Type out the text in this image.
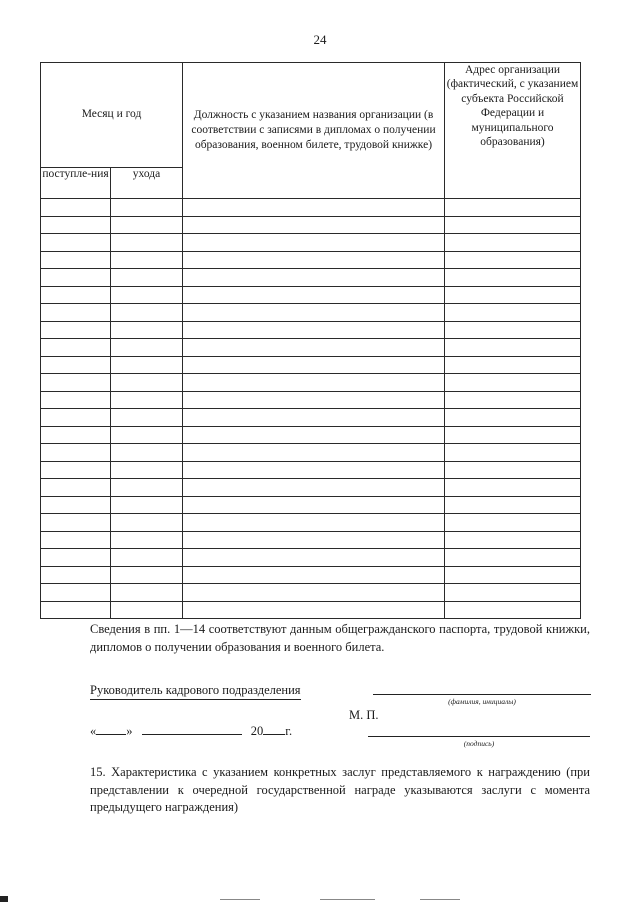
24
Месяц и год		Должность с указанием названия организации (в соответствии с записями в дипломах о получении образования, военном билете, трудовой книжке)	Адрес организации (фактический, с указанием субъекта Российской Федерации и муниципального образования)
поступле-ния	ухода		

Сведения в пп. 1—14 соответствуют данным общегражданского паспорта, трудовой книжки, дипломов о получении образования и военного билета.
Руководитель кадрового подразделения
(фамилия, инициалы)
М. П.
« »	20 г.
(подпись)
15. Характеристика с указанием конкретных заслуг представляемого к награждению (при представлении к очередной государственной награде указываются заслуги с момента предыдущего награждения)
